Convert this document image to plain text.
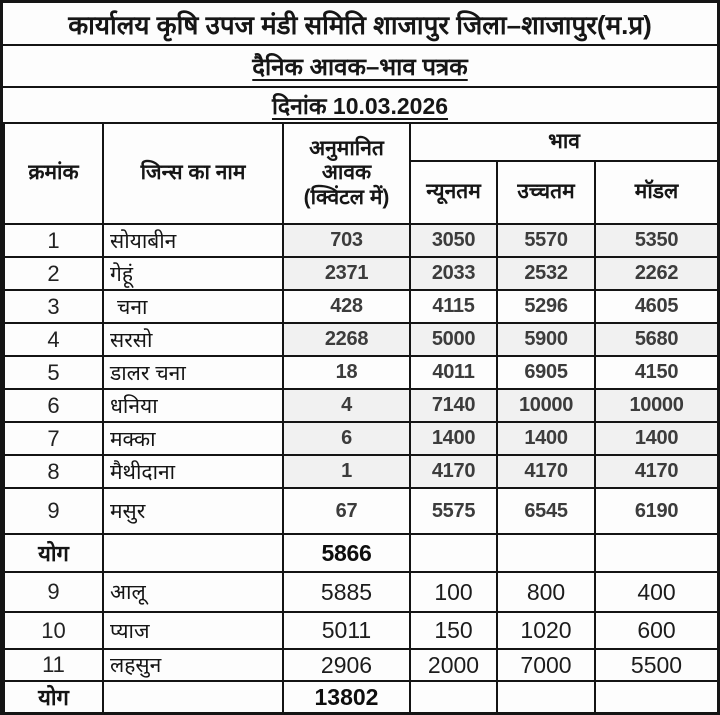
कार्यालय कृषि उपज मंडी समिति शाजापुर जिला–शाजापुर(म.प्र)
दैनिक आवक–भाव पत्रक
दिनांक 10.03.2026
क्रमांक	जिन्स का नाम	अनुमानित आवक (क्विंटल में)	भाव		
			न्यूनतम	उच्चतम	मॉडल
1	सोयाबीन	703	3050	5570	5350
2	गेहूं	2371	2033	2532	2262
3	चना	428	4115	5296	4605
4	सरसो	2268	5000	5900	5680
5	डालर चना	18	4011	6905	4150
6	धनिया	4	7140	10000	10000
7	मक्का	6	1400	1400	1400
8	मैथीदाना	1	4170	4170	4170
9	मसुर	67	5575	6545	6190
योग		5866			
9	आलू	5885	100	800	400
10	प्याज	5011	150	1020	600
11	लहसुन	2906	2000	7000	5500
योग		13802			
